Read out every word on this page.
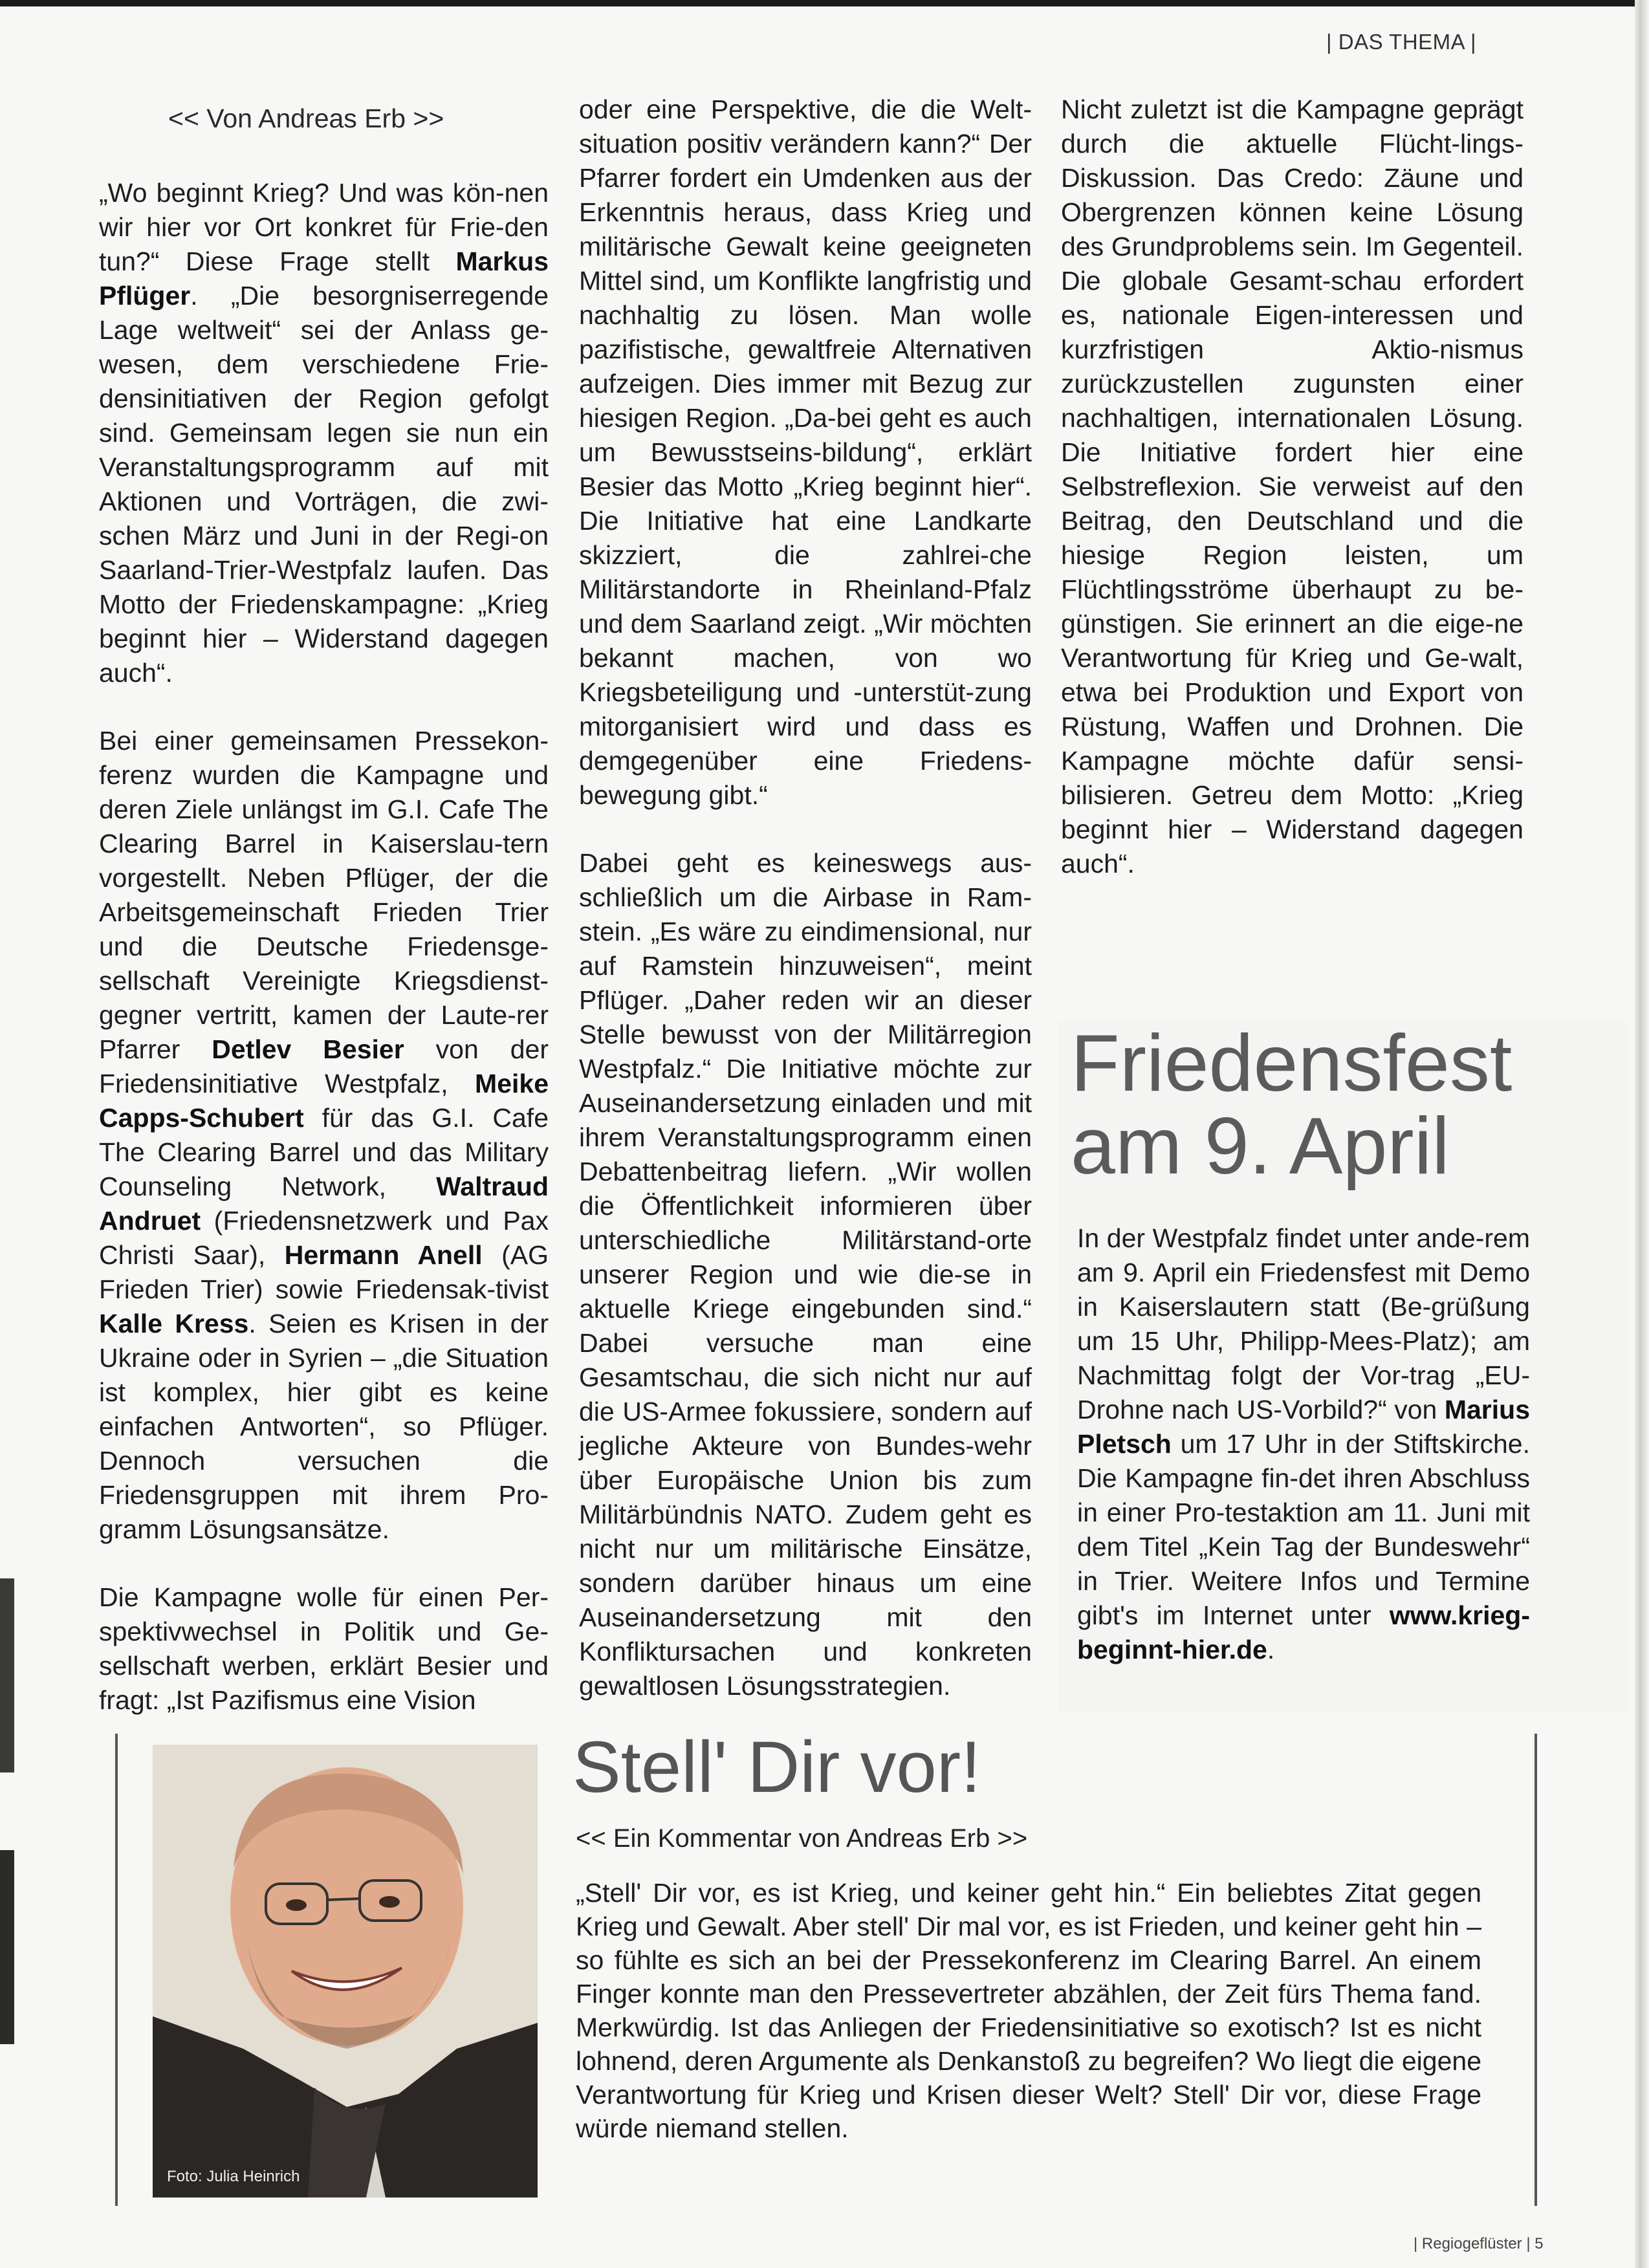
| DAS THEMA |
<< Von Andreas Erb >>

„Wo beginnt Krieg? Und was kön-nen wir hier vor Ort konkret für Frie-den tun?“ Diese Frage stellt Markus Pflüger. „Die besorgniserregende Lage weltweit“ sei der Anlass ge-wesen, dem verschiedene Frie-densinitiativen der Region gefolgt sind. Gemeinsam legen sie nun ein Veranstaltungsprogramm auf mit Aktionen und Vorträgen, die zwi-schen März und Juni in der Regi-on Saarland-Trier-Westpfalz laufen. Das Motto der Friedenskampagne: „Krieg beginnt hier – Widerstand dagegen auch“.

Bei einer gemeinsamen Pressekon-ferenz wurden die Kampagne und deren Ziele unlängst im G.I. Cafe The Clearing Barrel in Kaiserslau-tern vorgestellt. Neben Pflüger, der die Arbeitsgemeinschaft Frieden Trier und die Deutsche Friedensge-sellschaft Vereinigte Kriegsdienst-gegner vertritt, kamen der Laute-rer Pfarrer Detlev Besier von der Friedensinitiative Westpfalz, Meike Capps-Schubert für das G.I. Cafe The Clearing Barrel und das Military Counseling Network, Waltraud Andruet (Friedensnetzwerk und Pax Christi Saar), Hermann Anell (AG Frieden Trier) sowie Friedensak-tivist Kalle Kress. Seien es Krisen in der Ukraine oder in Syrien – „die Situation ist komplex, hier gibt es keine einfachen Antworten“, so Pflüger. Dennoch versuchen die Friedensgruppen mit ihrem Pro-gramm Lösungsansätze.

Die Kampagne wolle für einen Per-spektivwechsel in Politik und Ge-sellschaft werben, erklärt Besier und fragt: „Ist Pazifismus eine Vision

oder eine Perspektive, die die Welt-situation positiv verändern kann?“ Der Pfarrer fordert ein Umdenken aus der Erkenntnis heraus, dass Krieg und militärische Gewalt keine geeigneten Mittel sind, um Konflikte langfristig und nachhaltig zu lösen. Man wolle pazifistische, gewaltfreie Alternativen aufzeigen. Dies immer mit Bezug zur hiesigen Region. „Da-bei geht es auch um Bewusstseins-bildung“, erklärt Besier das Motto „Krieg beginnt hier“. Die Initiative hat eine Landkarte skizziert, die zahlrei-che Militärstandorte in Rheinland-Pfalz und dem Saarland zeigt. „Wir möchten bekannt machen, von wo Kriegsbeteiligung und -unterstüt-zung mitorganisiert wird und dass es demgegenüber eine Friedens-bewegung gibt.“

Dabei geht es keineswegs aus-schließlich um die Airbase in Ram-stein. „Es wäre zu eindimensional, nur auf Ramstein hinzuweisen“, meint Pflüger. „Daher reden wir an dieser Stelle bewusst von der Militärregion Westpfalz.“ Die Initiative möchte zur Auseinandersetzung einladen und mit ihrem Veranstaltungsprogramm einen Debattenbeitrag liefern. „Wir wollen die Öffentlichkeit informieren über unterschiedliche Militärstand-orte unserer Region und wie die-se in aktuelle Kriege eingebunden sind.“ Dabei versuche man eine Gesamtschau, die sich nicht nur auf die US-Armee fokussiere, sondern auf jegliche Akteure von Bundes-wehr über Europäische Union bis zum Militärbündnis NATO. Zudem geht es nicht nur um militärische Einsätze, sondern darüber hinaus um eine Auseinandersetzung mit den Konfliktursachen und konkreten gewaltlosen Lösungsstrategien.

Nicht zuletzt ist die Kampagne geprägt durch die aktuelle Flücht-lings-Diskussion. Das Credo: Zäune und Obergrenzen können keine Lösung des Grundproblems sein. Im Gegenteil. Die globale Gesamt-schau erfordert es, nationale Eigen-interessen und kurzfristigen Aktio-nismus zurückzustellen zugunsten einer nachhaltigen, internationalen Lösung. Die Initiative fordert hier eine Selbstreflexion. Sie verweist auf den Beitrag, den Deutschland und die hiesige Region leisten, um Flüchtlingsströme überhaupt zu be-günstigen. Sie erinnert an die eige-ne Verantwortung für Krieg und Ge-walt, etwa bei Produktion und Export von Rüstung, Waffen und Drohnen. Die Kampagne möchte dafür sensi-bilisieren. Getreu dem Motto: „Krieg beginnt hier – Widerstand dagegen auch“.

Friedensfest
am 9. April
In der Westpfalz findet unter ande-rem am 9. April ein Friedensfest mit Demo in Kaiserslautern statt (Be-grüßung um 15 Uhr, Philipp-Mees-Platz); am Nachmittag folgt der Vor-trag „EU-Drohne nach US-Vorbild?“ von Marius Pletsch um 17 Uhr in der Stiftskirche. Die Kampagne fin-det ihren Abschluss in einer Pro-testaktion am 11. Juni mit dem Titel „Kein Tag der Bundeswehr“ in Trier. Weitere Infos und Termine gibt's im Internet unter www.krieg-beginnt-hier.de.
Foto: Julia Heinrich
Stell' Dir vor!
<< Ein Kommentar von Andreas Erb >>
„Stell' Dir vor, es ist Krieg, und keiner geht hin.“ Ein beliebtes Zitat gegen Krieg und Gewalt. Aber stell' Dir mal vor, es ist Frieden, und keiner geht hin – so fühlte es sich an bei der Pressekonferenz im Clearing Barrel. An einem Finger konnte man den Pressevertreter abzählen, der Zeit fürs Thema fand. Merkwürdig. Ist das Anliegen der Friedensinitiative so exotisch? Ist es nicht lohnend, deren Argumente als Denkanstoß zu begreifen? Wo liegt die eigene Verantwortung für Krieg und Krisen dieser Welt? Stell' Dir vor, diese Frage würde niemand stellen.
| Regiogeflüster | 5
